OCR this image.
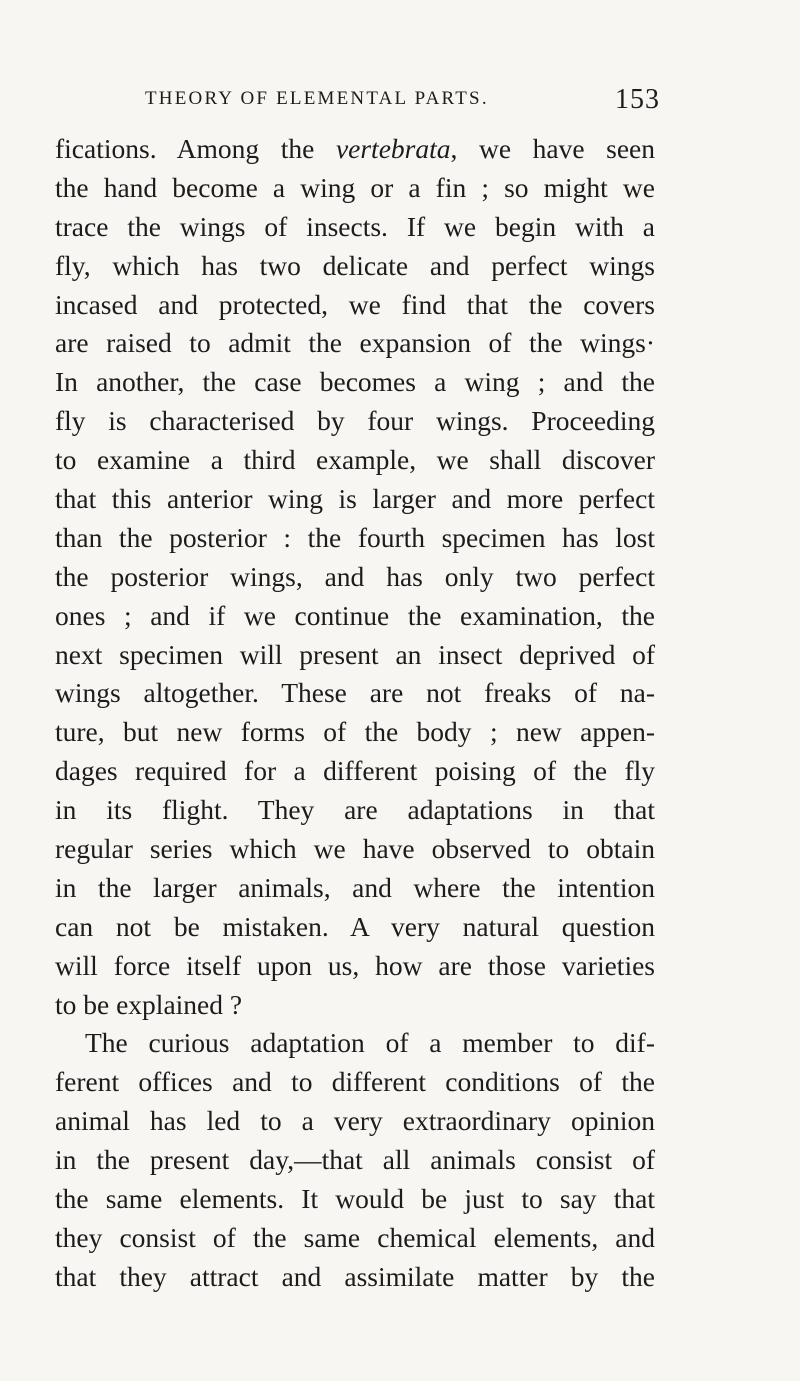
THEORY OF ELEMENTAL PARTS.	153
fications. Among the vertebrata, we have seen
the hand become a wing or a fin ; so might we
trace the wings of insects. If we begin with a
fly, which has two delicate and perfect wings
incased and protected, we find that the covers
are raised to admit the expansion of the wings·
In another, the case becomes a wing ; and the
fly is characterised by four wings. Proceeding
to examine a third example, we shall discover
that this anterior wing is larger and more perfect
than the posterior : the fourth specimen has lost
the posterior wings, and has only two perfect
ones ; and if we continue the examination, the
next specimen will present an insect deprived of
wings altogether. These are not freaks of na-
ture, but new forms of the body ; new appen-
dages required for a different poising of the fly
in its flight. They are adaptations in that
regular series which we have observed to obtain
in the larger animals, and where the intention
can not be mistaken. A very natural question
will force itself upon us, how are those varieties
to be explained ?
The curious adaptation of a member to dif-
ferent offices and to different conditions of the
animal has led to a very extraordinary opinion
in the present day,—that all animals consist of
the same elements. It would be just to say that
they consist of the same chemical elements, and
that they attract and assimilate matter by the
